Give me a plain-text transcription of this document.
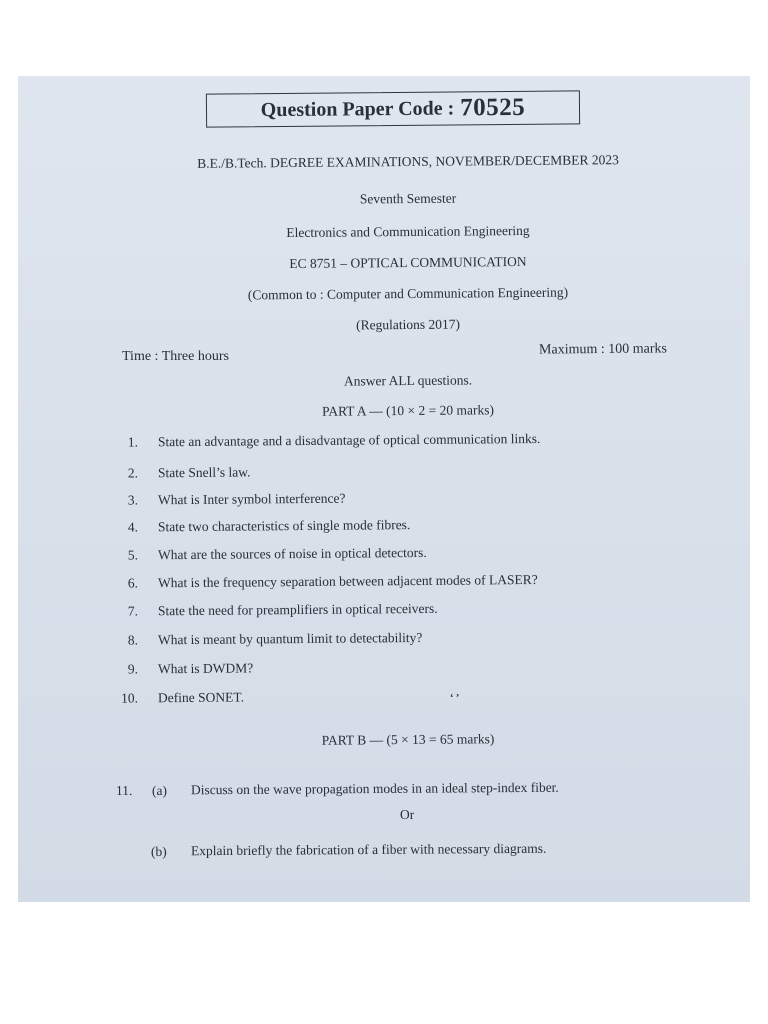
Question Paper Code : 70525
B.E./B.Tech. DEGREE EXAMINATIONS, NOVEMBER/DECEMBER 2023
Seventh Semester
Electronics and Communication Engineering
EC 8751 – OPTICAL COMMUNICATION
(Common to : Computer and Communication Engineering)
(Regulations 2017)
Time : Three hours	Maximum : 100 marks
Answer ALL questions.
PART A — (10 × 2 = 20 marks)
1. State an advantage and a disadvantage of optical communication links.
2. State Snell’s law.
3. What is Inter symbol interference?
4. State two characteristics of single mode fibres.
5. What are the sources of noise in optical detectors.
6. What is the frequency separation between adjacent modes of LASER?
7. State the need for preamplifiers in optical receivers.
8. What is meant by quantum limit to detectability?
9. What is DWDM?
10. Define SONET.	‘ ’
PART B — (5 × 13 = 65 marks)
11. (a) Discuss on the wave propagation modes in an ideal step-index fiber.
Or
(b) Explain briefly the fabrication of a fiber with necessary diagrams.
